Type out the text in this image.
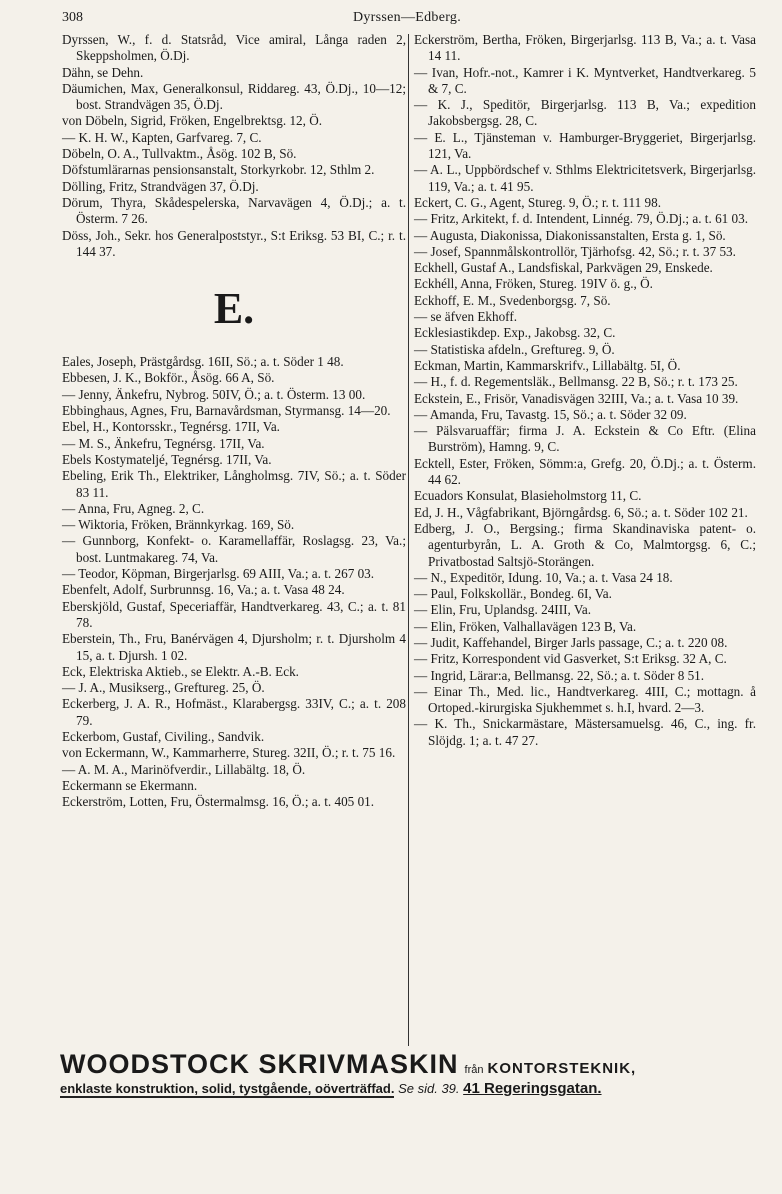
308	Dyrssen—Edberg.

Dyrssen, W., f. d. Statsråd, Vice amiral, Långa raden 2, Skeppsholmen, Ö.Dj.

Dähn, se Dehn.

Däumichen, Max, Generalkonsul, Riddareg. 43, Ö.Dj., 10—12; bost. Strandvägen 35, Ö.Dj.

von Döbeln, Sigrid, Fröken, Engelbrektsg. 12, Ö.

— K. H. W., Kapten, Garfvareg. 7, C.

Döbeln, O. A., Tullvaktm., Åsög. 102 B, Sö.

Döfstumlärarnas pensionsanstalt, Storkyrkobr. 12, Sthlm 2.

Dölling, Fritz, Strandvägen 37, Ö.Dj.

Dörum, Thyra, Skådespelerska, Narvavägen 4, Ö.Dj.; a. t. Österm. 7 26.

Döss, Joh., Sekr. hos Generalpoststyr., S:t Eriksg. 53 BI, C.; r. t. 144 37.

E.

Eales, Joseph, Prästgårdsg. 16II, Sö.; a. t. Söder 1 48.

Ebbesen, J. K., Bokför., Åsög. 66 A, Sö.

— Jenny, Änkefru, Nybrog. 50IV, Ö.; a. t. Österm. 13 00.

Ebbinghaus, Agnes, Fru, Barnavårdsman, Styrmansg. 14—20.

Ebel, H., Kontorsskr., Tegnérsg. 17II, Va.

— M. S., Änkefru, Tegnérsg. 17II, Va.

Ebels Kostymateljé, Tegnérsg. 17II, Va.

Ebeling, Erik Th., Elektriker, Långholmsg. 7IV, Sö.; a. t. Söder 83 11.

— Anna, Fru, Agneg. 2, C.

— Wiktoria, Fröken, Brännkyrkag. 169, Sö.

— Gunnborg, Konfekt- o. Karamellaffär, Roslagsg. 23, Va.; bost. Luntmakareg. 74, Va.

— Teodor, Köpman, Birgerjarlsg. 69 AIII, Va.; a. t. 267 03.

Ebenfelt, Adolf, Surbrunnsg. 16, Va.; a. t. Vasa 48 24.

Eberskjöld, Gustaf, Speceriaffär, Handtverkareg. 43, C.; a. t. 81 78.

Eberstein, Th., Fru, Banérvägen 4, Djursholm; r. t. Djursholm 4 15, a. t. Djursh. 1 02.

Eck, Elektriska Aktieb., se Elektr. A.-B. Eck.

— J. A., Musikserg., Greftureg. 25, Ö.

Eckerberg, J. A. R., Hofmäst., Klarabergsg. 33IV, C.; a. t. 208 79.

Eckerbom, Gustaf, Civiling., Sandvik.

von Eckermann, W., Kammarherre, Stureg. 32II, Ö.; r. t. 75 16.

— A. M. A., Marinöfverdir., Lillabältg. 18, Ö.

Eckermann se Ekermann.

Eckerström, Lotten, Fru, Östermalmsg. 16, Ö.; a. t. 405 01.

Eckerström, Bertha, Fröken, Birgerjarlsg. 113 B, Va.; a. t. Vasa 14 11.

— Ivan, Hofr.-not., Kamrer i K. Myntverket, Handtverkareg. 5 & 7, C.

— K. J., Speditör, Birgerjarlsg. 113 B, Va.; expedition Jakobsbergsg. 28, C.

— E. L., Tjänsteman v. Hamburger-Bryggeriet, Birgerjarlsg. 121, Va.

— A. L., Uppbördschef v. Sthlms Elektricitetsverk, Birgerjarlsg. 119, Va.; a. t. 41 95.

Eckert, C. G., Agent, Stureg. 9, Ö.; r. t. 111 98.

— Fritz, Arkitekt, f. d. Intendent, Linnég. 79, Ö.Dj.; a. t. 61 03.

— Augusta, Diakonissa, Diakonissanstalten, Ersta g. 1, Sö.

— Josef, Spannmålskontrollör, Tjärhofsg. 42, Sö.; r. t. 37 53.

Eckhell, Gustaf A., Landsfiskal, Parkvägen 29, Enskede.

Eckhéll, Anna, Fröken, Stureg. 19IV ö. g., Ö.

Eckhoff, E. M., Svedenborgsg. 7, Sö.

— se äfven Ekhoff.

Ecklesiastikdep. Exp., Jakobsg. 32, C.

— Statistiska afdeln., Greftureg. 9, Ö.

Eckman, Martin, Kammarskrifv., Lillabältg. 5I, Ö.

— H., f. d. Regementsläk., Bellmansg. 22 B, Sö.; r. t. 173 25.

Eckstein, E., Frisör, Vanadisvägen 32III, Va.; a. t. Vasa 10 39.

— Amanda, Fru, Tavastg. 15, Sö.; a. t. Söder 32 09.

— Pälsvaruaffär; firma J. A. Eckstein & Co Eftr. (Elina Burström), Hamng. 9, C.

Ecktell, Ester, Fröken, Sömm:a, Grefg. 20, Ö.Dj.; a. t. Österm. 44 62.

Ecuadors Konsulat, Blasieholmstorg 11, C.

Ed, J. H., Vågfabrikant, Björngårdsg. 6, Sö.; a. t. Söder 102 21.

Edberg, J. O., Bergsing.; firma Skandinaviska patent- o. agenturbyrån, L. A. Groth & Co, Malmtorgsg. 6, C.; Privatbostad Saltsjö-Storängen.

— N., Expeditör, Idung. 10, Va.; a. t. Vasa 24 18.

— Paul, Folkskollär., Bondeg. 6I, Va.

— Elin, Fru, Uplandsg. 24III, Va.

— Elin, Fröken, Valhallavägen 123 B, Va.

— Judit, Kaffehandel, Birger Jarls passage, C.; a. t. 220 08.

— Fritz, Korrespondent vid Gasverket, S:t Eriksg. 32 A, C.

— Ingrid, Lärar:a, Bellmansg. 22, Sö.; a. t. Söder 8 51.

— Einar Th., Med. lic., Handtverkareg. 4III, C.; mottagn. å Ortoped.-kirurgiska Sjukhemmet s. h.I, hvard. 2—3.

— K. Th., Snickarmästare, Mästersamuelsg. 46, C., ing. fr. Slöjdg. 1; a. t. 47 27.

WOODSTOCK SKRIVMASKIN från KONTORSTEKNIK,
enklaste konstruktion, solid, tystgående, oöverträffad. Se sid. 39. 41 Regeringsgatan.
